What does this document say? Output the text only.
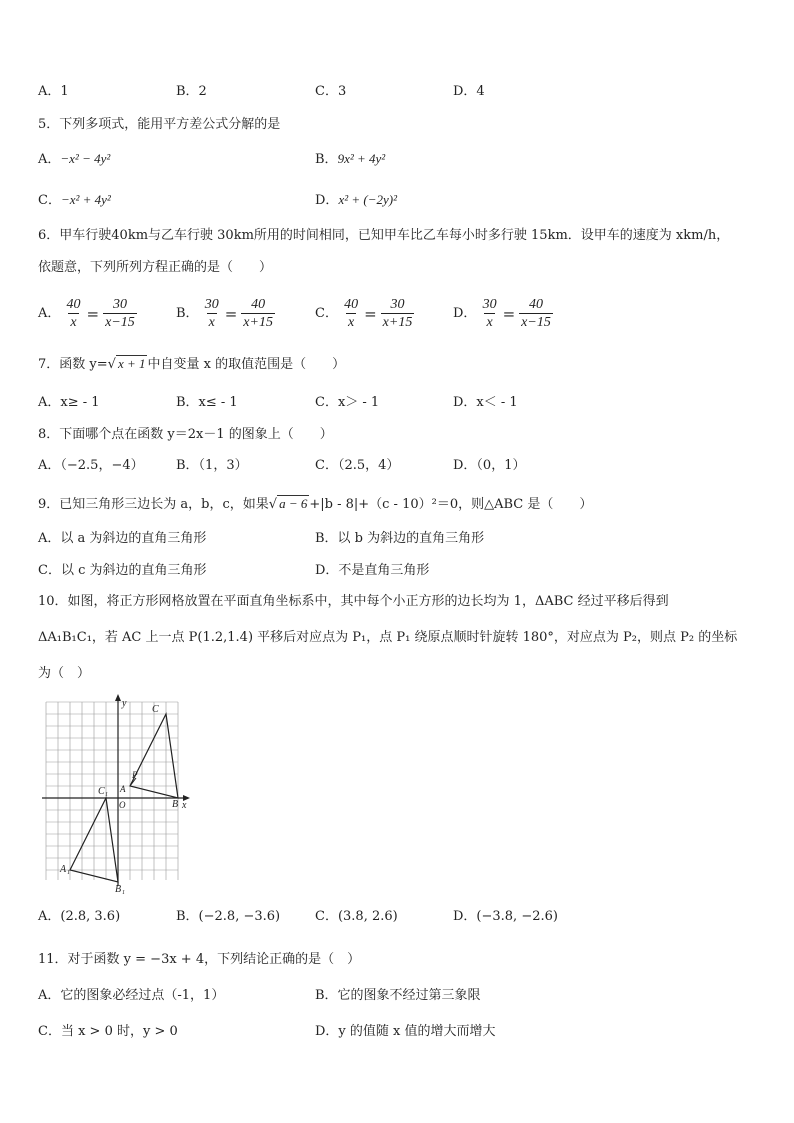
A．1	B．2	C．3	D．4
5．下列多项式，能用平方差公式分解的是
A．−x² − 4y²	B．9x² + 4y²
C．−x² + 4y²	D．x² + (−2y)²
6．甲车行驶40km与乙车行驶 30km所用的时间相同，已知甲车比乙车每小时多行驶 15km．设甲车的速度为 xkm/h，
依题意，下列所列方程正确的是（　　）
A． $\frac{40}{x} = \frac{30}{x-15}$	B． $\frac{30}{x} = \frac{40}{x+15}$	C． $\frac{40}{x} = \frac{30}{x+15}$	D． $\frac{30}{x} = \frac{40}{x-15}$
7．函数 y=√ x + 1 中自变量 x 的取值范围是（　　）
A．x≥ - 1	B．x≤ - 1	C．x＞ - 1	D．x＜ - 1
8．下面哪个点在函数 y＝2x－1 的图象上（　　）
A．（−2.5，−4） B．（1，3）	C．（2.5，4）	D．（0，1）
9．已知三角形三边长为 a，b，c，如果√ a − 6 +|b - 8|+（c - 10）²＝0，则△ABC 是（　　）
A．以 a 为斜边的直角三角形	B．以 b 为斜边的直角三角形
C．以 c 为斜边的直角三角形	D．不是直角三角形
10．如图，将正方形网格放置在平面直角坐标系中，其中每个小正方形的边长均为 1，ΔABC 经过平移后得到
ΔA₁B₁C₁，若 AC 上一点 P(1.2,1.4) 平移后对应点为 P₁，点 P₁ 绕原点顺时针旋转 180°，对应点为 P₂，则点 P₂ 的坐标
为（　）
y
x
O
C
P
A
B
C 1
A 1
B 1
A．(2.8, 3.6)	B．(−2.8, −3.6)	C．(3.8, 2.6)	D．(−3.8, −2.6)
11．对于函数 y = −3x + 4，下列结论正确的是（　）
A．它的图象必经过点（-1，1）	B．它的图象不经过第三象限
C．当 x > 0 时，y > 0	D．y 的值随 x 值的增大而增大
